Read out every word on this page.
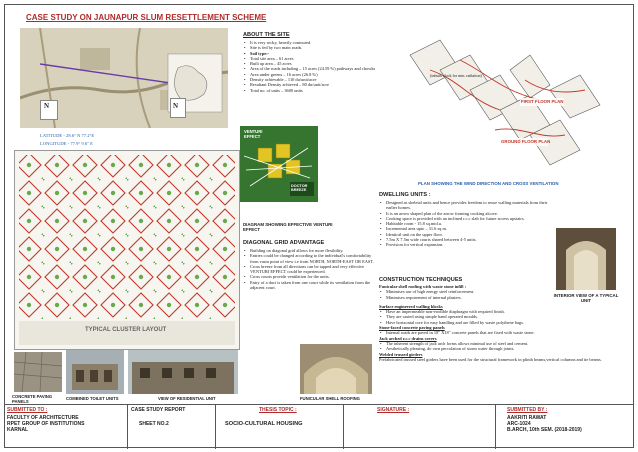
CASE STUDY ON JAUNAPUR SLUM RESETTLEMENT SCHEME
N	N
LATITUDE - 28.6° N 77.2°E
LONGITUDE - 77.9° 9.6" E
ABOUT THE SITE
• It is very rocky, heavily contoured.
• Site is fed by two main roads.
• Soil type:-
• Total site area – 61 acres
• Built up area – 45 acres
• Area of the roads including – 15 acres (24.59 %) pathways and chowks
• Area under greens – 16 acres (26.8 %)
• Density achievable – 110 du/unit/acre
• Resultant Density achieved – 80 du/unit/acre
• Total no. of units – 3600 units
(inbuilt clock for min. radiation)
FIRST FLOOR PLAN
GROUND FLOOR PLAN
PLAN SHOWING THE WIND DIRECTION AND CROSS VENTILATION
VENTURI EFFECT
DOCTOR BREEZE
TYPICAL CLUSTER LAYOUT
DIAGRAM SHOWING EFFECTIVE VENTURI EFFECT
DIAGONAL GRID ADVANTAGE
• Building on diagonal grid allows for more flexibility.
• Entries could be changed according to the individual's comfortability from vastu point of view i.e from NORTH, NORTH-EAST OR EAST.
• Cross breeze from all directions can be tapped and very effective VENTURI EFFECT could be experienced.
• Cross courts provide ventilation for the units.
• Entry of a duct is taken from one court while its ventilation from the adjacent court.
DWELLING UNITS :
• Designed as skeletal units and hence provides freedom to reuse walling materials from their earlier homes.
• It is an arrow shaped plan of the arrow forming cooking alcove.
• Cooking space is provided with an inclined r.c.c slab for future access upstairs.
• Habitable room - 15.8 sq.mid.u.
• Incremental area upto – 31.6 sq.m.
• Identical unit on the upper floor.
• 7.5m X 7.5m wide courts shared between 4-5 units.
• Provision for vertical expansion.
INTERIOR VIEW OF A TYPICAL UNIT
CONSTRUCTION TECHNIQUES
Funicular shell roofing with waste stone infill :
• Minimises use of high energy steel reinforcement.
• Minimises requirement of internal plasters.
Surface engineered walling blocks
• Have an impermeable non-erodible diaphragm with required finish.
• They are casted using simple hand operated moulds.
• Have horizontal core for easy handling and are filled by waste polythene bags.
Stone-faced concrete paving panels
• Internal roads are paved in 18" X18" concrete panels that are fixed with waste stone.
Jack arched r.c.c drains covers
• The inherent strength of jack arch forms allows minimal use of steel and cement.
• Aesthetically pleasing, do own percolation of storm water through joints.
Welded trussed girders
Prefabricated trussed steel girders have been used for the structural framework in plinth beams,vertical columns and tie beams.
CONCRETE PAVING PANELS
COMBINED TOILET UNITS	VIEW OF RESIDENTIAL UNIT	FUNICULAR SHELL ROOFING
SUBMITTED TO :
FACULTY OF ARCHITECTURE
RPET GROUP OF INSTITUTIONS
KARNAL
CASE STUDY REPORT
SHEET NO.2
THESIS TOPIC :
SOCIO-CULTURAL HOUSING
SIGNATURE :	SUBMITTED BY :
AAKRITI RAWAT
ARC-1024
B.ARCH, 10th SEM. (2018-2019)
